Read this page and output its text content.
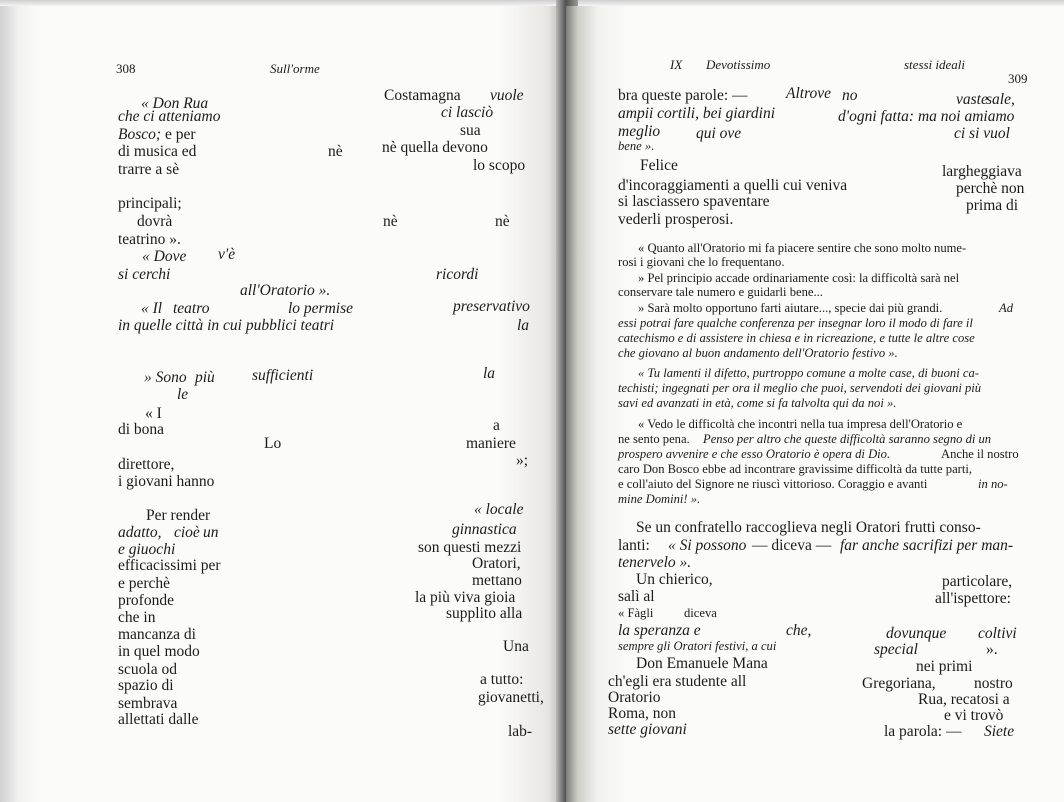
308	Sull'orme
« Don Rua	Costamagna vuole
che ci atteniamo	ci lasciò
Bosco; e per	sua
di musica ed	nè	nè quella devono
trarre a sè	lo scopo
principali;
dovrà	nè	nè
teatrino ».
« Dove v'è
si cerchi	ricordi
all'Oratorio ».
« Il teatro	lo permise	preservativo
in quelle città in cui pubblici teatri	la
» Sono più sufficienti	la
le
« I
di bona	a
Lo	maniere
direttore,	»;
i giovani hanno
Per render	« locale
adatto, cioè un	ginnastica
e giuochi	son questi mezzi
efficacissimi per	Oratori,
e perchè	mettano
profonde	la più viva gioia
che in	supplito alla
mancanza di
Una
in quel modo
a tutto:
scuola od
giovanetti,
spazio di
sembrava
allettati dalle
lab-
IX Devotissimo	stessi ideali
309
bra queste parole: — Altrove no	vaste
sale,
ampii cortili, bei giardini	d'ogni fatta: ma noi amiamo
meglio qui ove	ci si vuol
bene ».
Felice	largheggiava
d'incoraggiamenti a quelli cui veniva	perchè non
si lasciassero spaventare	prima di
vederli prosperosi.
« Quanto all'Oratorio mi fa piacere sentire che sono molto nume-
rosi i giovani che lo frequentano.
» Pel principio accade ordinariamente così: la difficoltà sarà nel
conservare tale numero e guidarli bene...
» Sarà molto opportuno farti aiutare..., specie dai più grandi.	Ad
essi potrai fare qualche conferenza per insegnar loro il modo di fare il
catechismo e di assistere in chiesa e in ricreazione, e tutte le altre cose
che giovano al buon andamento dell'Oratorio festivo ».
« Tu lamenti il difetto, purtroppo comune a molte case, di buoni ca-
techisti; ingegnati per ora il meglio che puoi, servendoti dei giovani più
savi ed avanzati in età, come si fa talvolta qui da noi ».
« Vedo le difficoltà che incontri nella tua impresa dell'Oratorio e
ne sento pena. Penso per altro che queste difficoltà saranno segno di un
prospero avvenire e che esso Oratorio è opera di Dio.	Anche il nostro
caro Don Bosco ebbe ad incontrare gravissime difficoltà da tutte parti,
e coll'aiuto del Signore ne riuscì vittorioso. Coraggio e avanti	in no-
mine Domini! ».
Se un confratello raccoglieva negli Oratori frutti conso-
lanti: « Si possono — diceva — far anche sacrifizi per man-
tenervelo ».
Un chierico,	particolare,
salì al	all'ispettore:
« Fàgli diceva
la speranza e	che,	dovunque coltivi
sempre gli Oratori festivi, a cui	special	».
Don Emanuele Mana	nei primi
ch'egli era studente all	Gregoriana, nostro
Oratorio	Rua, recatosi a
Roma, non	e vi trovò
sette giovani	la parola: — Siete
